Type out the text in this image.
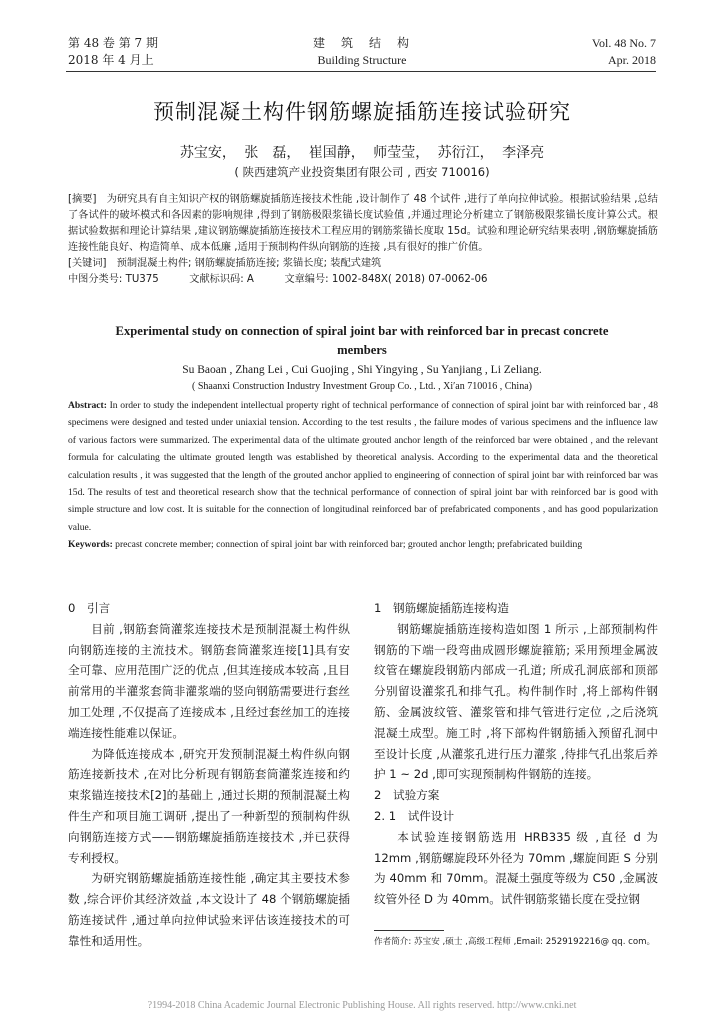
第 48 卷 第 7 期
2018 年 4 月上
建　筑　结　构
Building Structure
Vol. 48 No. 7
Apr. 2018
预制混凝土构件钢筋螺旋插筋连接试验研究
苏宝安， 张　磊， 崔国静， 师莹莹， 苏衍江， 李泽亮
( 陕西建筑产业投资集团有限公司 , 西安 710016)

[摘要]　 为研究具有自主知识产权的钢筋螺旋插筋连接技术性能 ,设计制作了 48 个试件 ,进行了单向拉伸试验。根据试验结果 ,总结了各试件的破坏模式和各因素的影响规律 ,得到了钢筋极限浆锚长度试验值 ,并通过理论分析建立了钢筋极限浆锚长度计算公式。根据试验数据和理论计算结果 ,建议钢筋螺旋插筋连接技术工程应用的钢筋浆锚长度取 15d。试验和理论研究结果表明 ,钢筋螺旋插筋连接性能良好、构造简单、成本低廉 ,适用于预制构件纵向钢筋的连接 ,具有很好的推广价值。

[关键词]　 预制混凝土构件; 钢筋螺旋插筋连接; 浆锚长度; 装配式建筑

中图分类号: TU375　　　	文献标识码: A　　　	文章编号: 1002-848X( 2018) 07-0062-06

Experimental study on connection of spiral joint bar with reinforced bar in precast concrete members
Su Baoan , Zhang Lei , Cui Guojing , Shi Yingying , Su Yanjiang , Li Zeliang.
( Shaanxi Construction Industry Investment Group Co. , Ltd. , Xi′an 710016 , China)

Abstract: In order to study the independent intellectual property right of technical performance of connection of spiral joint bar with reinforced bar , 48 specimens were designed and tested under uniaxial tension. According to the test results , the failure modes of various specimens and the influence law of various factors were summarized. The experimental data of the ultimate grouted anchor length of the reinforced bar were obtained , and the relevant formula for calculating the ultimate grouted length was established by theoretical analysis. According to the experimental data and the theoretical calculation results , it was suggested that the length of the grouted anchor applied to engineering of connection of spiral joint bar with reinforced bar was 15d. The results of test and theoretical research show that the technical performance of connection of spiral joint bar with reinforced bar is good with simple structure and low cost. It is suitable for the connection of longitudinal reinforced bar of prefabricated components , and has good popularization value.

Keywords: precast concrete member; connection of spiral joint bar with reinforced bar; grouted anchor length; prefabricated building

0　引言

目前 ,钢筋套筒灌浆连接技术是预制混凝土构件纵向钢筋连接的主流技术。钢筋套筒灌浆连接[1]具有安全可靠、应用范围广泛的优点 ,但其连接成本较高 ,且目前常用的半灌浆套筒非灌浆端的竖向钢筋需要进行套丝加工处理 ,不仅提高了连接成本 ,且经过套丝加工的连接端连接性能难以保证。

为降低连接成本 ,研究开发预制混凝土构件纵向钢筋连接新技术 ,在对比分析现有钢筋套筒灌浆连接和约束浆锚连接技术[2]的基础上 ,通过长期的预制混凝土构件生产和项目施工调研 ,提出了一种新型的预制构件纵向钢筋连接方式——钢筋螺旋插筋连接技术 ,并已获得专利授权。

为研究钢筋螺旋插筋连接性能 ,确定其主要技术参数 ,综合评价其经济效益 ,本文设计了 48 个钢筋螺旋插筋连接试件 ,通过单向拉伸试验来评估该连接技术的可靠性和适用性。

1　钢筋螺旋插筋连接构造

钢筋螺旋插筋连接构造如图 1 所示 ,上部预制构件钢筋的下端一段弯曲成圆形螺旋箍筋; 采用预埋金属波纹管在螺旋段钢筋内部成一孔道; 所成孔洞底部和顶部分别留设灌浆孔和排气孔。构件制作时 ,将上部构件钢筋、金属波纹管、灌浆管和排气管进行定位 ,之后浇筑混凝土成型。施工时 ,将下部构件钢筋插入预留孔洞中至设计长度 ,从灌浆孔进行压力灌浆 ,待排气孔出浆后养护 1 ~ 2d ,即可实现预制构件钢筋的连接。

2　试验方案

2. 1　试件设计

本试验连接钢筋选用 HRB335 级 ,直径 d 为 12mm ,钢筋螺旋段环外径为 70mm ,螺旋间距 S 分别为 40mm 和 70mm。混凝土强度等级为 C50 ,金属波纹管外径 D 为 40mm。试件钢筋浆锚长度在受拉钢

作者简介: 苏宝安 ,硕士 ,高级工程师 ,Email: 2529192216@ qq. com。
?1994-2018 China Academic Journal Electronic Publishing House. All rights reserved. http://www.cnki.net
